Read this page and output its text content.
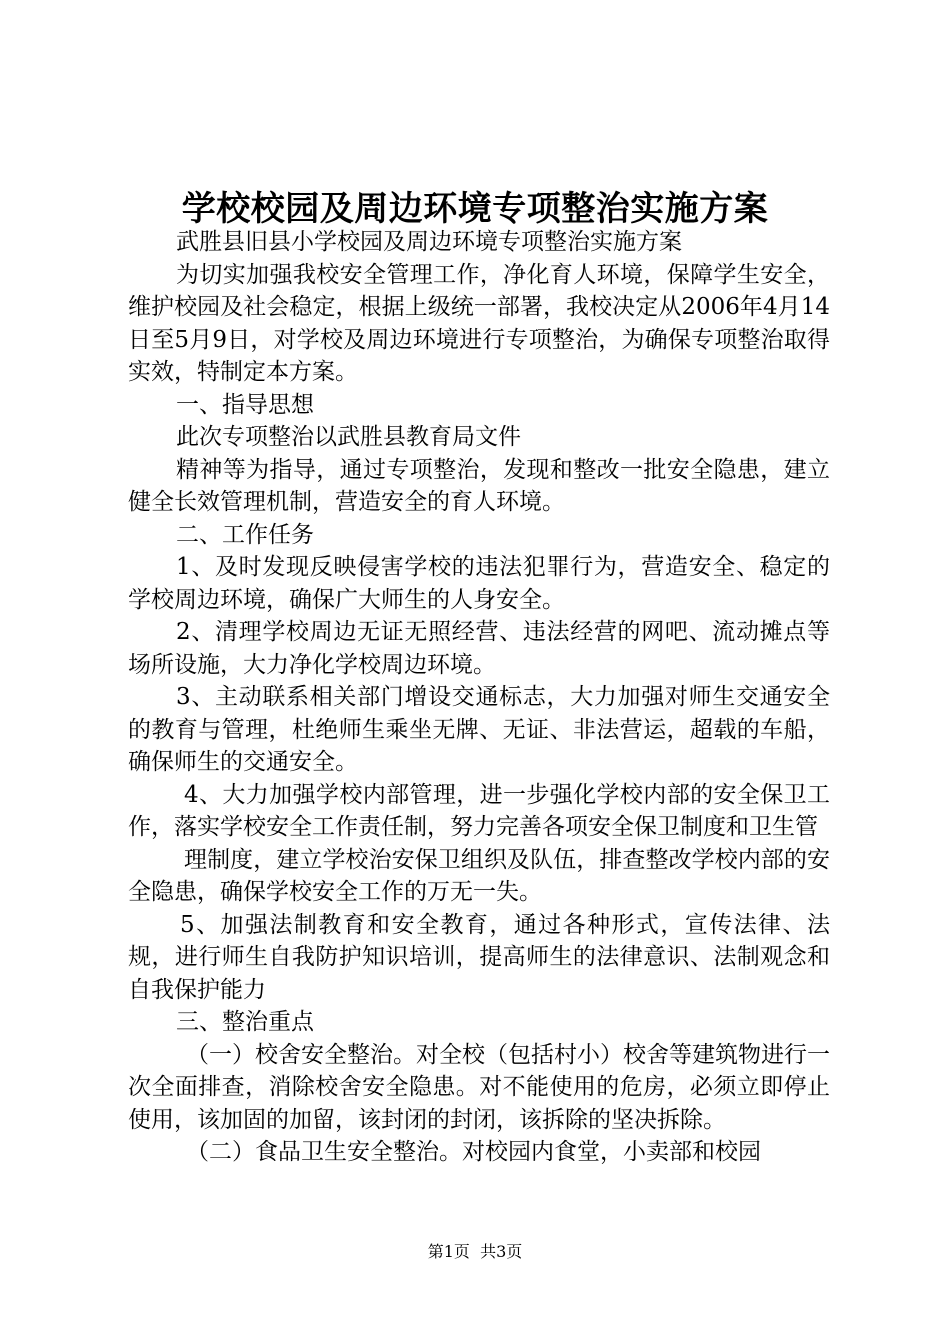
学校校园及周边环境专项整治实施方案

武胜县旧县小学校园及周边环境专项整治实施方案

为切实加强我校安全管理工作，净化育人环境，保障学生安全，维护校园及社会稳定，根据上级统一部署，我校决定从2006年4月14日至5月9日，对学校及周边环境进行专项整治，为确保专项整治取得实效，特制定本方案。

一、指导思想

此次专项整治以武胜县教育局文件

精神等为指导，通过专项整治，发现和整改一批安全隐患，建立健全长效管理机制，营造安全的育人环境。

二、工作任务

1、及时发现反映侵害学校的违法犯罪行为，营造安全、稳定的学校周边环境，确保广大师生的人身安全。

2、清理学校周边无证无照经营、违法经营的网吧、流动摊点等场所设施，大力净化学校周边环境。

3、主动联系相关部门增设交通标志，大力加强对师生交通安全的教育与管理，杜绝师生乘坐无牌、无证、非法营运，超载的车船，确保师生的交通安全。

4、大力加强学校内部管理，进一步强化学校内部的安全保卫工作，落实学校安全工作责任制，努力完善各项安全保卫制度和卫生管

理制度，建立学校治安保卫组织及队伍，排查整改学校内部的安全隐患，确保学校安全工作的万无一失。

5、加强法制教育和安全教育，通过各种形式，宣传法律、法规，进行师生自我防护知识培训，提高师生的法律意识、法制观念和自我保护能力

三、整治重点

（一）校舍安全整治。对全校（包括村小）校舍等建筑物进行一次全面排查，消除校舍安全隐患。对不能使用的危房，必须立即停止使用，该加固的加留，该封闭的封闭，该拆除的坚决拆除。

（二）食品卫生安全整治。对校园内食堂，小卖部和校园

第1页  共3页
